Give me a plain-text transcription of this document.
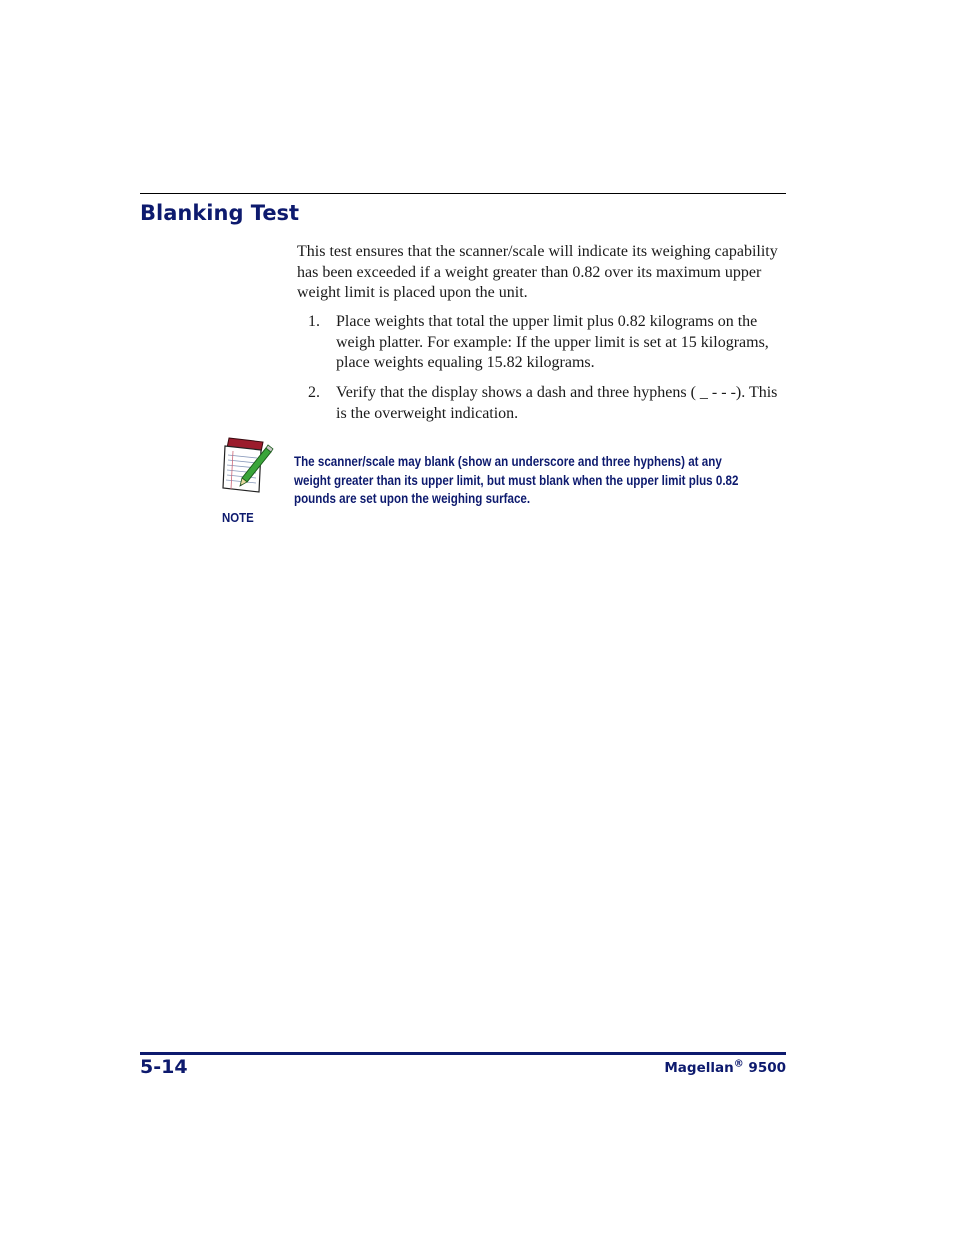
Blanking Test

This test ensures that the scanner/scale will indicate its weighing capability has been exceeded if a weight greater than 0.82 over its maximum upper weight limit is placed upon the unit.

1. Place weights that total the upper limit plus 0.82 kilograms on the weigh platter. For example: If the upper limit is set at 15 kilograms, place weights equaling 15.82 kilograms.
2. Verify that the display shows a dash and three hyphens ( _ - - -). This is the overweight indication.
NOTE

The scanner/scale may blank (show an underscore and three hyphens) at any weight greater than its upper limit, but must blank when the upper limit plus 0.82 pounds are set upon the weighing surface.

5-14	Magellan® 9500
